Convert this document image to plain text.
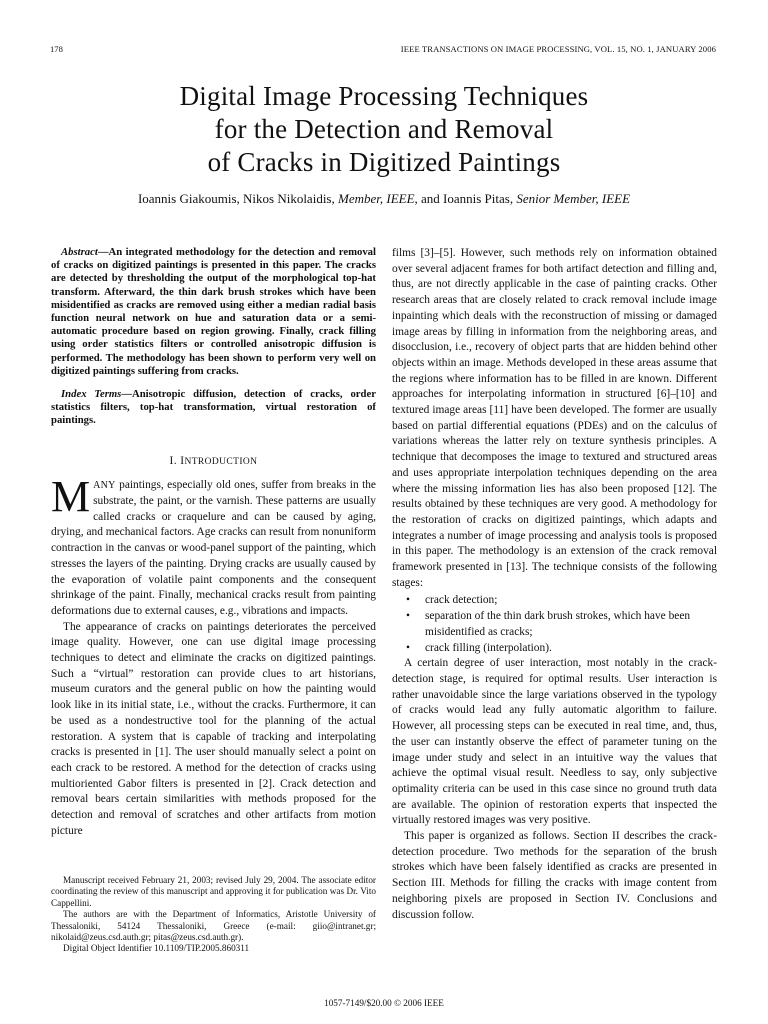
178	IEEE TRANSACTIONS ON IMAGE PROCESSING, VOL. 15, NO. 1, JANUARY 2006
Digital Image Processing Techniques
for the Detection and Removal
of Cracks in Digitized Paintings
Ioannis Giakoumis, Nikos Nikolaidis, Member, IEEE, and Ioannis Pitas, Senior Member, IEEE

Abstract—An integrated methodology for the detection and removal of cracks on digitized paintings is presented in this paper. The cracks are detected by thresholding the output of the morphological top-hat transform. Afterward, the thin dark brush strokes which have been misidentified as cracks are removed using either a median radial basis function neural network on hue and saturation data or a semi-automatic procedure based on region growing. Finally, crack filling using order statistics filters or controlled anisotropic diffusion is performed. The methodology has been shown to perform very well on digitized paintings suffering from cracks.

Index Terms—Anisotropic diffusion, detection of cracks, order statistics filters, top-hat transformation, virtual restoration of paintings.

I. INTRODUCTION

MANY paintings, especially old ones, suffer from breaks in the substrate, the paint, or the varnish. These patterns are usually called cracks or craquelure and can be caused by aging, drying, and mechanical factors. Age cracks can result from nonuniform contraction in the canvas or wood-panel support of the painting, which stresses the layers of the painting. Drying cracks are usually caused by the evaporation of volatile paint components and the consequent shrinkage of the paint. Finally, mechanical cracks result from painting deformations due to external causes, e.g., vibrations and impacts.

The appearance of cracks on paintings deteriorates the perceived image quality. However, one can use digital image processing techniques to detect and eliminate the cracks on digitized paintings. Such a “virtual” restoration can provide clues to art historians, museum curators and the general public on how the painting would look like in its initial state, i.e., without the cracks. Furthermore, it can be used as a nondestructive tool for the planning of the actual restoration. A system that is capable of tracking and interpolating cracks is presented in [1]. The user should manually select a point on each crack to be restored. A method for the detection of cracks using multioriented Gabor filters is presented in [2]. Crack detection and removal bears certain similarities with methods proposed for the detection and removal of scratches and other artifacts from motion picture

films [3]–[5]. However, such methods rely on information obtained over several adjacent frames for both artifact detection and filling and, thus, are not directly applicable in the case of painting cracks. Other research areas that are closely related to crack removal include image inpainting which deals with the reconstruction of missing or damaged image areas by filling in information from the neighboring areas, and disocclusion, i.e., recovery of object parts that are hidden behind other objects within an image. Methods developed in these areas assume that the regions where information has to be filled in are known. Different approaches for interpolating information in structured [6]–[10] and textured image areas [11] have been developed. The former are usually based on partial differential equations (PDEs) and on the calculus of variations whereas the latter rely on texture synthesis principles. A technique that decomposes the image to textured and structured areas and uses appropriate interpolation techniques depending on the area where the missing information lies has also been proposed [12]. The results obtained by these techniques are very good. A methodology for the restoration of cracks on digitized paintings, which adapts and integrates a number of image processing and analysis tools is proposed in this paper. The methodology is an extension of the crack removal framework presented in [13]. The technique consists of the following stages:

• crack detection;
• separation of the thin dark brush strokes, which have been misidentified as cracks;
• crack filling (interpolation).

A certain degree of user interaction, most notably in the crack-detection stage, is required for optimal results. User interaction is rather unavoidable since the large variations observed in the typology of cracks would lead any fully automatic algorithm to failure. However, all processing steps can be executed in real time, and, thus, the user can instantly observe the effect of parameter tuning on the image under study and select in an intuitive way the values that achieve the optimal visual result. Needless to say, only subjective optimality criteria can be used in this case since no ground truth data are available. The opinion of restoration experts that inspected the virtually restored images was very positive.

This paper is organized as follows. Section II describes the crack-detection procedure. Two methods for the separation of the brush strokes which have been falsely identified as cracks are presented in Section III. Methods for filling the cracks with image content from neighboring pixels are proposed in Section IV. Conclusions and discussion follow.

Manuscript received February 21, 2003; revised July 29, 2004. The associate editor coordinating the review of this manuscript and approving it for publication was Dr. Vito Cappellini.

The authors are with the Department of Informatics, Aristotle University of Thessaloniki, 54124 Thessaloniki, Greece (e-mail: giio@intranet.gr; nikolaid@zeus.csd.auth.gr; pitas@zeus.csd.auth.gr).

Digital Object Identifier 10.1109/TIP.2005.860311

1057-7149/$20.00 © 2006 IEEE
